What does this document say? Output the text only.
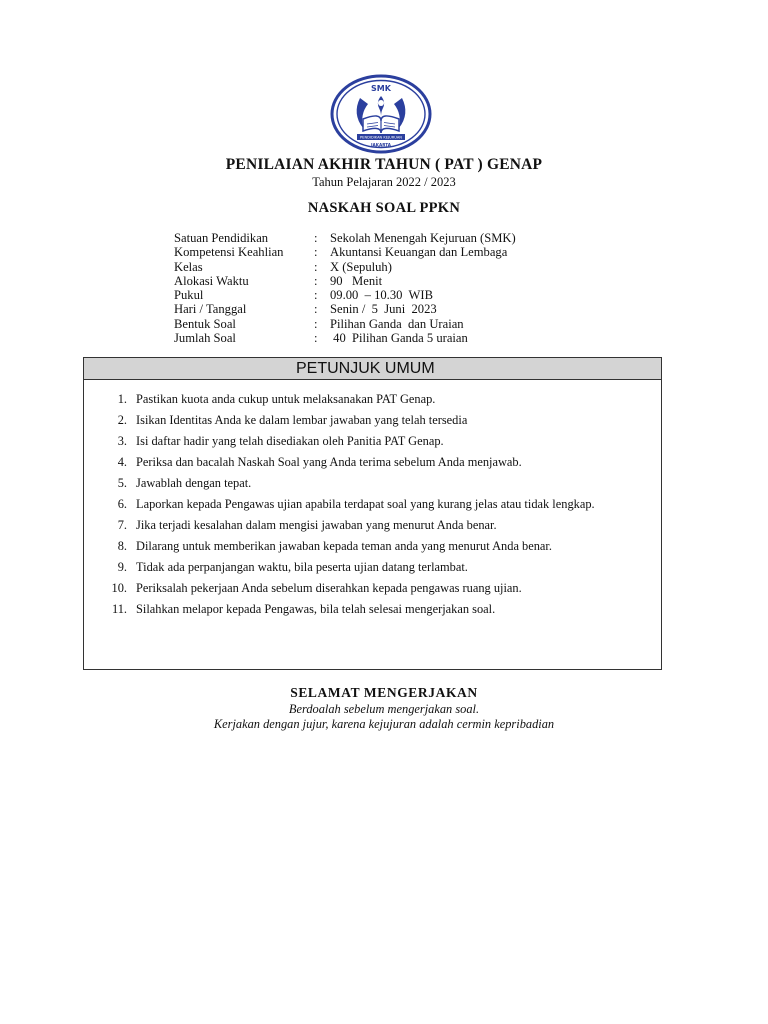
SMK
PENDIDIKAN KEJURUAN
JAKARTA
PENILAIAN AKHIR TAHUN ( PAT ) GENAP
Tahun Pelajaran 2022 / 2023
NASKAH SOAL PPKN
Satuan Pendidikan	: Sekolah Menengah Kejuruan (SMK)
Kompetensi Keahlian	: Akuntansi Keuangan dan Lembaga
Kelas	: X (Sepuluh)
Alokasi Waktu	: 90   Menit
Pukul	: 09.00  – 10.30  WIB
Hari / Tanggal	: Senin /  5  Juni  2023
Bentuk Soal	: Pilihan Ganda  dan Uraian
Jumlah Soal	: 40  Pilihan Ganda 5 uraian
PETUNJUK UMUM
1. Pastikan kuota anda cukup untuk melaksanakan PAT Genap.
2. Isikan Identitas Anda ke dalam lembar jawaban yang telah tersedia
3. Isi daftar hadir yang telah disediakan oleh Panitia PAT Genap.
4. Periksa dan bacalah Naskah Soal yang Anda terima sebelum Anda menjawab.
5. Jawablah dengan tepat.
6. Laporkan kepada Pengawas ujian apabila terdapat soal yang kurang jelas atau tidak lengkap.
7. Jika terjadi kesalahan dalam mengisi jawaban yang menurut Anda benar.
8. Dilarang untuk memberikan jawaban kepada teman anda yang menurut Anda benar.
9. Tidak ada perpanjangan waktu, bila peserta ujian datang terlambat.
10. Periksalah pekerjaan Anda sebelum diserahkan kepada pengawas ruang ujian.
11. Silahkan melapor kepada Pengawas, bila telah selesai mengerjakan soal.
SELAMAT MENGERJAKAN
Berdoalah sebelum mengerjakan soal.
Kerjakan dengan jujur, karena kejujuran adalah cermin kepribadian
